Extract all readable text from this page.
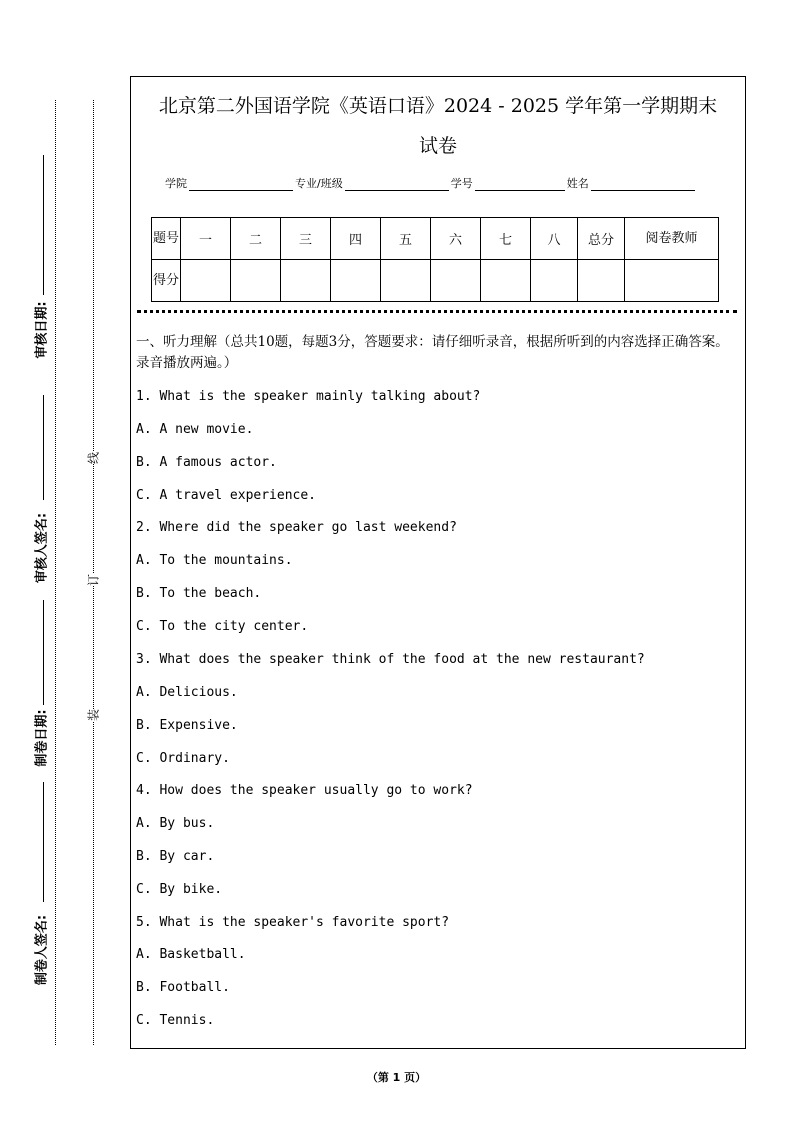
审核日期:
审核人签名:
制卷日期:
制卷人签名:
线
订
装
北京第二外国语学院《英语口语》2024 - 2025 学年第一学期期末
试卷
学院	专业/班级	学号	姓名
题号	一	二	三	四	五	六	七	八	总分	阅卷教师
得分										
一、听力理解（总共10题，每题3分，答题要求：请仔细听录音，根据所听到的内容选择正确答案。录音播放两遍。）
1. What is the speaker mainly talking about?
A. A new movie.
B. A famous actor.
C. A travel experience.
2. Where did the speaker go last weekend?
A. To the mountains.
B. To the beach.
C. To the city center.
3. What does the speaker think of the food at the new restaurant?
A. Delicious.
B. Expensive.
C. Ordinary.
4. How does the speaker usually go to work?
A. By bus.
B. By car.
C. By bike.
5. What is the speaker's favorite sport?
A. Basketball.
B. Football.
C. Tennis.
（第 1 页）
